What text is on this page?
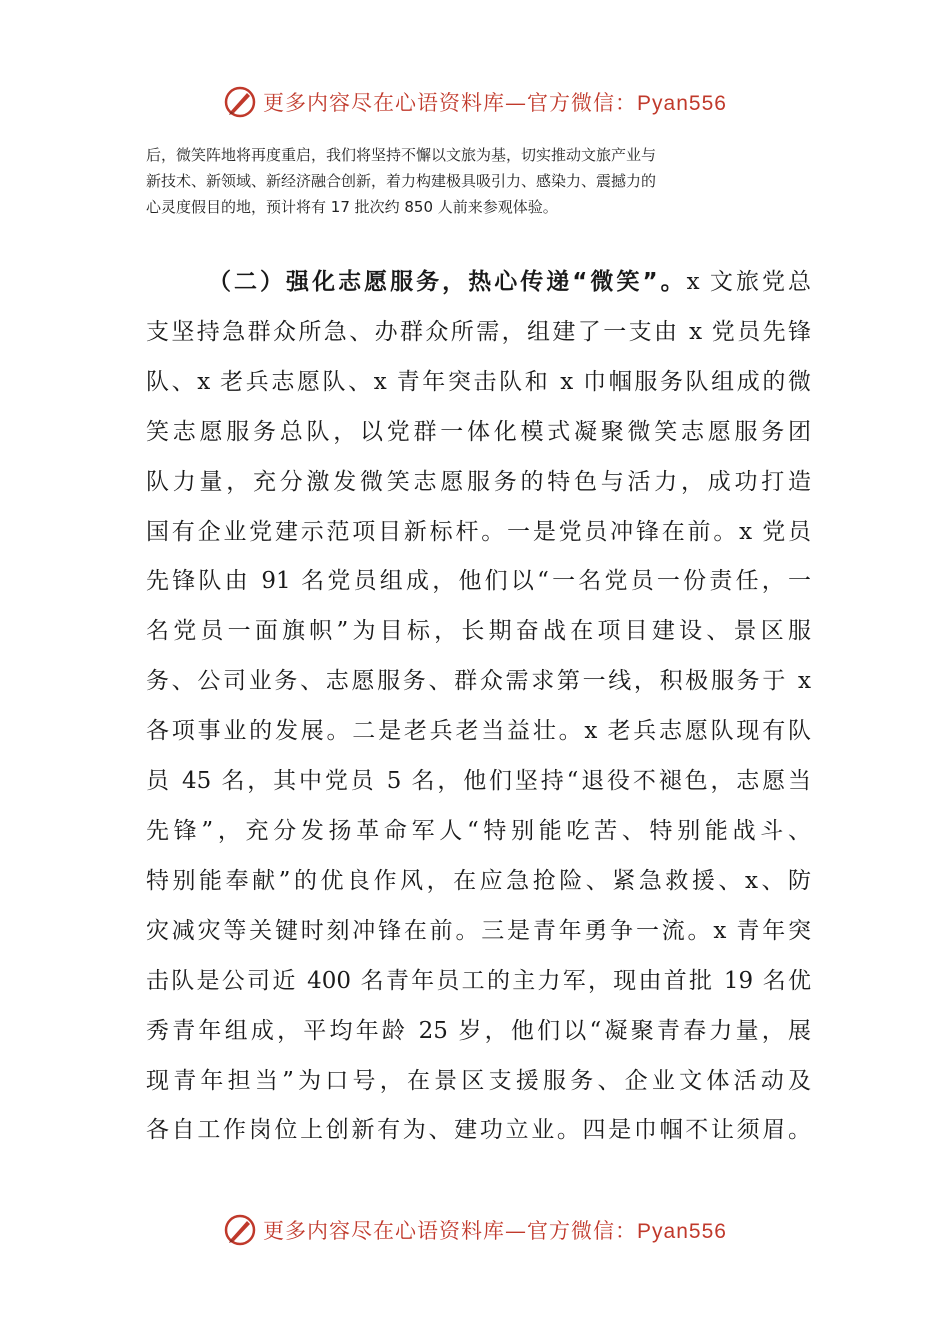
更多内容尽在心语资料库—官方微信：Pyan556
后，微笑阵地将再度重启，我们将坚持不懈以文旅为基，切实推动文旅产业与
新技术、新领域、新经济融合创新，着力构建极具吸引力、感染力、震撼力的
心灵度假目的地，预计将有 17 批次约 850 人前来参观体验。
（二）强化志愿服务，热心传递“微笑”。x 文旅党总
支坚持急群众所急、办群众所需，组建了一支由 x 党员先锋
队、x 老兵志愿队、x 青年突击队和 x 巾帼服务队组成的微
笑志愿服务总队，以党群一体化模式凝聚微笑志愿服务团
队力量，充分激发微笑志愿服务的特色与活力，成功打造
国有企业党建示范项目新标杆。一是党员冲锋在前。x 党员
先锋队由 91 名党员组成，他们以“一名党员一份责任，一
名党员一面旗帜”为目标，长期奋战在项目建设、景区服
务、公司业务、志愿服务、群众需求第一线，积极服务于 x
各项事业的发展。二是老兵老当益壮。x 老兵志愿队现有队
员 45 名，其中党员 5 名，他们坚持“退役不褪色，志愿当
先锋”，充分发扬革命军人“特别能吃苦、特别能战斗、
特别能奉献”的优良作风，在应急抢险、紧急救援、x、防
灾减灾等关键时刻冲锋在前。三是青年勇争一流。x 青年突
击队是公司近 400 名青年员工的主力军，现由首批 19 名优
秀青年组成，平均年龄 25 岁，他们以“凝聚青春力量，展
现青年担当”为口号，在景区支援服务、企业文体活动及
各自工作岗位上创新有为、建功立业。四是巾帼不让须眉。
更多内容尽在心语资料库—官方微信：Pyan556
